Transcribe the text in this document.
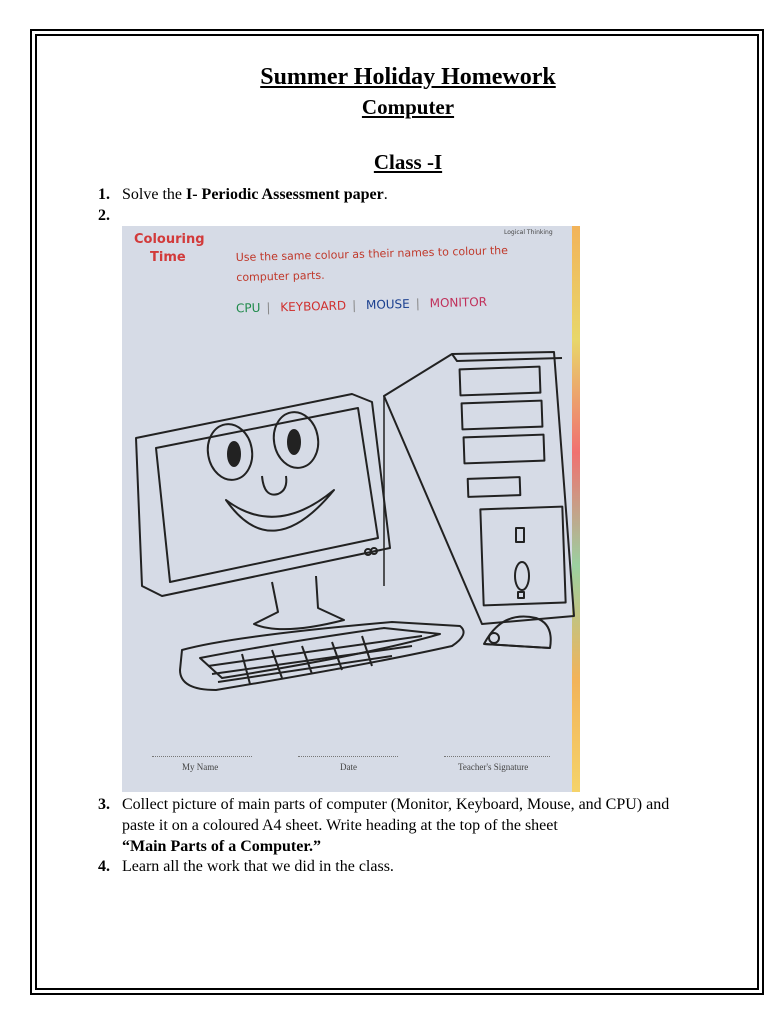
Summer Holiday Homework
Computer
Class -I
1. Solve the I- Periodic Assessment paper.
2.
Colouring
Time
Logical Thinking
Use the same colour as their names to colour the computer parts.
CPU | KEYBOARD | MOUSE | MONITOR
My Name	Date	Teacher's Signature
3. Collect picture of main parts of computer (Monitor, Keyboard, Mouse, and CPU) and paste it on a coloured A4 sheet. Write heading at the top of the sheet
“Main Parts of a Computer.”
4. Learn all the work that we did in the class.
